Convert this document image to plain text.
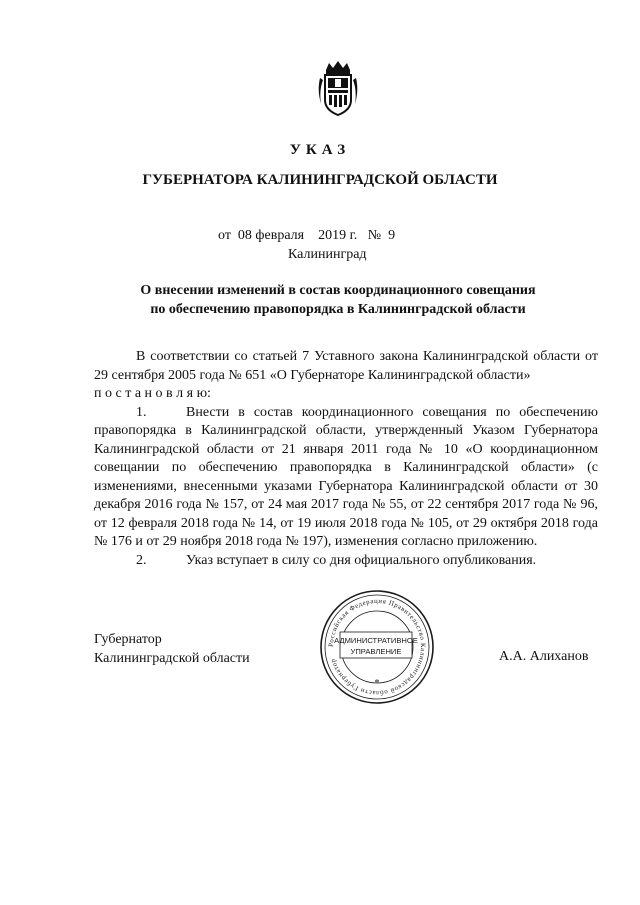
УКАЗ
ГУБЕРНАТОРА КАЛИНИНГРАДСКОЙ ОБЛАСТИ
от  08 февраля    2019 г.   №  9
Калининград
О внесении изменений в состав координационного совещания
по обеспечению правопорядка в Калининградской области

В соответствии со статьей 7 Уставного закона Калининградской области от 29 сентября 2005 года № 651 «О Губернаторе Калининградской области»

п о с т а н о в л я ю:

1.	Внести в состав координационного совещания по обеспечению правопорядка в Калининградской области, утвержденный Указом Губернатора Калининградской области от 21 января 2011 года № 10 «О координационном совещании по обеспечению правопорядка в Калининградской области» (с изменениями, внесенными указами Губернатора Калининградской области от 30 декабря 2016 года № 157, от 24 мая 2017 года № 55, от 22 сентября 2017 года № 96, от 12 февраля 2018 года № 14, от 19 июля 2018 года № 105, от 29 октября 2018 года № 176 и от 29 ноября 2018 года № 197), изменения согласно приложению.

2.	Указ вступает в силу со дня официального опубликования.

Губернатор
Калининградской области	А.А. Алиханов
Российская Федерация Правительство Калининградской области Губернатор
АДМИНИСТРАТИВНОЕ
УПРАВЛЕНИЕ
*
